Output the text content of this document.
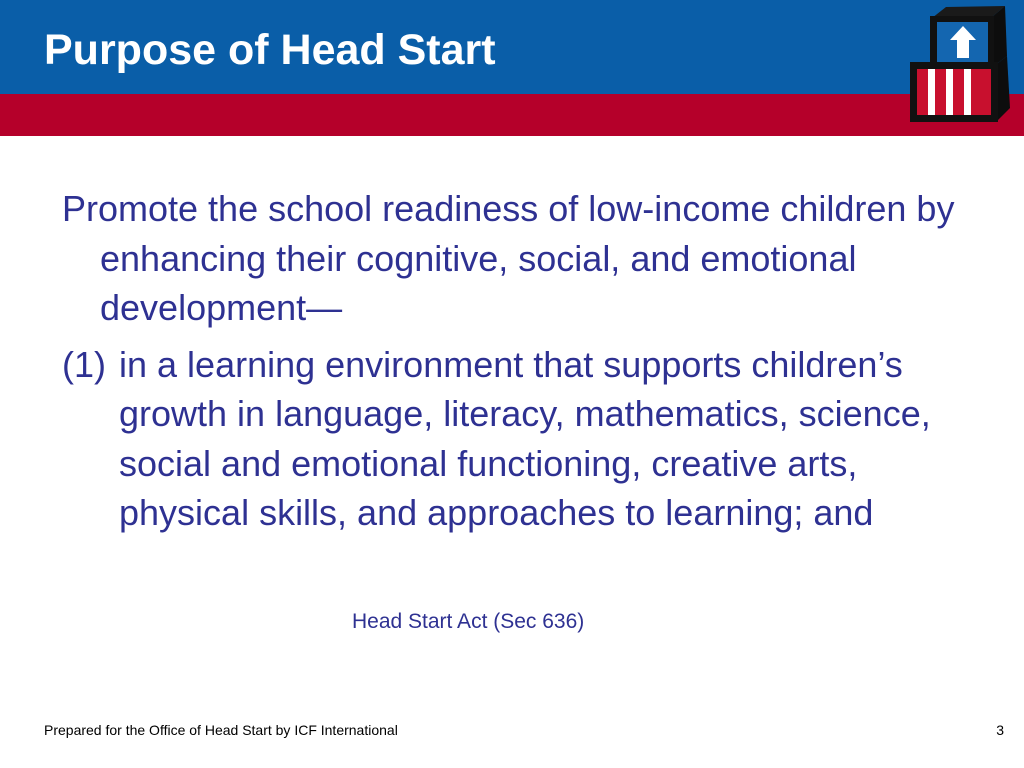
Purpose of Head Start

Promote the school readiness of low-income children by enhancing their cognitive, social, and emotional development—

(1) in a learning environment that supports children’s growth in language, literacy, mathematics, science, social and emotional functioning, creative arts, physical skills, and approaches to learning; and
Head Start Act (Sec 636)
Prepared for the Office of Head Start by ICF International	3
